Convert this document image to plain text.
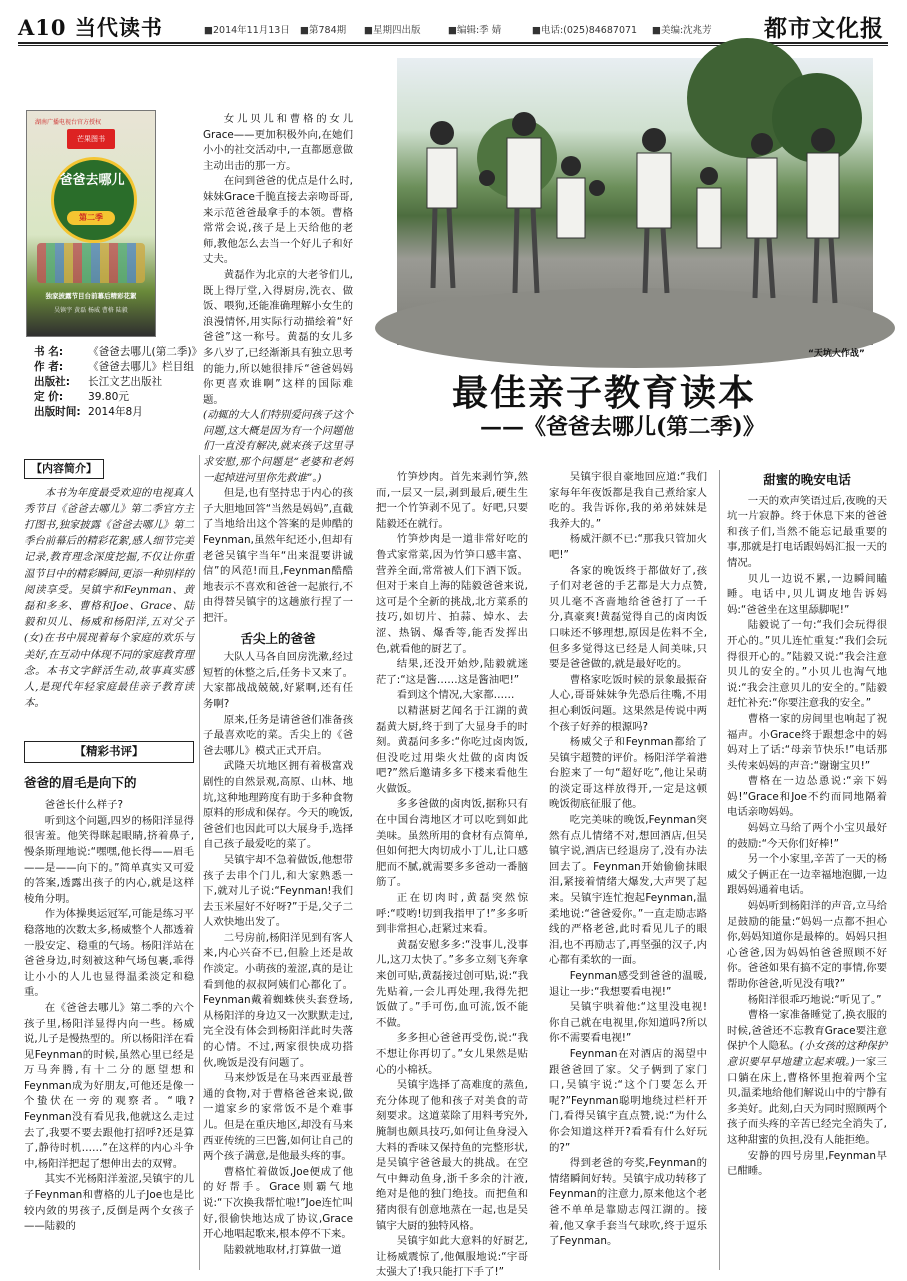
A10 当代读书	■2014年11月13日 ■第784期 ■星期四出版	■编辑:季 婧	■电话:(025)84687071 ■美编:沈兆芳 都市文化报
湖南广播电视台官方授权
芒果图书
爸爸去哪儿
第二季
独家披露节目台前幕后精彩花絮
吴镇宇 黄磊 杨威 曹格 陆毅
书 名: 《爸爸去哪儿(第二季)》
作 者: 《爸爸去哪儿》栏目组
出版社: 长江文艺出版社
定 价: 39.80元
出版时间: 2014年8月
【内容简介】

本书为年度最受欢迎的电视真人秀节目《爸爸去哪儿》第二季官方主打图书,独家披露《爸爸去哪儿》第二季台前幕后的精彩花絮,感人细节完美记录,教育理念深度挖掘,不仅让你重温节目中的精彩瞬间,更添一种别样的阅读享受。吴镇宇和Feynman、黄磊和多多、曹格和Joe、Grace、陆毅和贝儿、杨威和杨阳洋,五对父子(女)在书中展现着每个家庭的欢乐与美好,在互动中体现不同的家庭教育理念。本书文字鲜活生动,故事真实感人,是现代年轻家庭最佳亲子教育读本。

【精彩书评】
爸爸的眉毛是向下的

爸爸长什么样子?

听到这个问题,四岁的杨阳洋显得很害羞。他笑得眯起眼睛,挤着鼻子,慢条斯理地说:“嘿嘿,他长得——眉毛——是——向下的。”简单真实又可爱的答案,透露出孩子的内心,就是这样棱角分明。

作为体操奥运冠军,可能是练习平稳落地的次数太多,杨威整个人都透着一股安定、稳重的气场。杨阳洋站在爸爸身边,时刻被这种气场包裹,乖得让小小的人儿也显得温柔淡定和稳重。

在《爸爸去哪儿》第二季的六个孩子里,杨阳洋显得内向一些。杨威说,儿子是慢热型的。所以杨阳洋在看见Feynman的时候,虽然心里已经是万马奔腾,有十二分的愿望想和Feynman成为好朋友,可他还是像一个蛰伏在一旁的观察者。“哦?Feynman没有看见我,他就这么走过去了,我要不要去跟他打招呼?还是算了,静待时机……”在这样的内心斗争中,杨阳洋把起了想伸出去的双臂。

其实不光杨阳洋羞涩,吴镇宇的儿子Feynman和曹格的儿子Joe也是比较内敛的男孩子,反倒是两个女孩子——陆毅的

女儿贝儿和曹格的女儿Grace——更加积极外向,在她们小小的社交活动中,一直都愿意做主动出击的那一方。

在问到爸爸的优点是什么时,妹妹Grace千脆直接去亲吻哥哥,来示范爸爸最拿手的本领。曹格常常会说,孩子是上天给他的老师,教他怎么去当一个好儿子和好丈夫。

黄磊作为北京的大老爷们儿,既上得厅堂,入得厨房,洗衣、做饭、喂狗,还能准确理解小女生的浪漫情怀,用实际行动描绘着“好爸爸”这一称号。黄磊的女儿多多八岁了,已经渐渐具有独立思考的能力,所以她很排斥“爸爸妈妈你更喜欢谁啊”这样的国际难题。

(动辄的大人们特别爱问孩子这个问题,这大概是因为有一个问题他们一直没有解决,就来孩子这里寻求安慰,那个问题是“老婆和老妈一起掉进河里你先救谁”。)

但是,也有坚持忠于内心的孩子大胆地回答“当然是妈妈”,直截了当地给出这个答案的是帅酷的Feynman,虽然年纪还小,但却有老爸吴镇宇当年“出来混要讲诚信”的风范!而且,Feynman酷酷地表示不喜欢和爸爸一起旅行,不由得替吴镇宇的这趟旅行捏了一把汗。

舌尖上的爸爸

大队人马各自回房洗漱,经过短暂的休整之后,任务卡又来了。大家都战战兢兢,好紧啊,还有任务啊?

原来,任务是请爸爸们准备孩子最喜欢吃的菜。舌尖上的《爸爸去哪儿》模式正式开启。

武隆天坑地区拥有着极富戏剧性的自然景观,高原、山林、地坑,这种地理跨度有助于多种食物原料的形成和保存。今天的晚饭,爸爸们也因此可以大展身手,选择自己孩子最爱吃的菜了。

吴镇宇却不急着做饭,他想带孩子去串个门儿,和大家熟悉一下,就对儿子说:“Feynman!我们去玉米屋好不好呀?”于是,父子二人欢快地出发了。

二号房前,杨阳洋见到有客人来,内心兴奋不已,但脸上还是故作淡定。小萌孩的羞涩,真的是让看到他的叔叔阿姨们心都化了。Feynman戴着蜘蛛侠头套登场,从杨阳洋的身边又一次默默走过,完全没有体会到杨阳洋此时失落的心情。不过,两家很快成功搭伙,晚饭是没有问题了。

马来炒饭是在马来西亚最普通的食物,对于曹格爸爸来说,做一道家乡的家常饭不是个难事儿。但是在重庆地区,却没有马来西亚传统的三巴酱,如何让自己的两个孩子满意,是他最头疼的事。

曹格忙着做饭,Joe便成了他的好帮手。Grace则霸气地说:“下次换我帮忙啦!”Joe连忙叫好,很偷快地达成了协议,Grace开心地唱起歌来,根本停不下来。

陆毅就地取材,打算做一道

“天坑大作战”
最佳亲子教育读本
——《爸爸去哪儿(第二季)》

竹笋炒肉。首先来剥竹笋,然而,一层又一层,剥到最后,硬生生把一个竹笋剥不见了。好吧,只要陆毅还在就行。

竹笋炒肉是一道非常好吃的鲁式家常菜,因为竹笋口感丰富、营养全面,常常被人们下酒下饭。但对于来自上海的陆毅爸爸来说,这可是个全新的挑战,北方菜系的技巧,如切片、拍蒜、焯水、去涩、热锅、爆香等,能否发挥出色,就看他的厨艺了。

结果,还没开始炒,陆毅就迷茫了:“这是酱……这是酱油吧!”

看到这个情况,大家都……

以精湛厨艺闻名于江湖的黄磊黄大厨,终于到了大显身手的时刻。黄磊问多多:“你吃过卤肉饭,但没吃过用柴火灶做的卤肉饭吧?”然后邀请多多下楼来看他生火做饭。

多多爸做的卤肉饭,据称只有在中国台湾地区才可以吃到如此美味。虽然所用的食材有点简单,但如何把大肉切成小丁儿,让口感肥而不腻,就需要多多爸动一番脑筋了。

正在切肉时,黄磊突然惊呼:“哎哟!切到我指甲了!”多多听到非常担心,赶紧过来看。

黄磊安慰多多:“没事儿,没事儿,这刀太快了。”多多立刻飞奔拿来创可贴,黄磊接过创可贴,说:“我先贴着,一会儿再处理,我得先把饭做了。”手可伤,血可流,饭不能不做。

多多担心爸爸再受伤,说:“我不想让你再切了。”女儿果然是贴心的小棉袄。

吴镇宇选择了高难度的蒸鱼,充分体现了他和孩子对美食的苛刻要求。这道菜除了用料考究外,腌制也颇具技巧,如何让鱼身浸入大料的香味又保持鱼的完整形状,是吴镇宇爸爸最大的挑战。在空气中舞动鱼身,浙千多余的汁液,绝对是他的独门绝技。而把鱼和猪肉很有创意地蒸在一起,也是吴镇宇大厨的独特风格。

吴镇宇如此大意料的好厨艺,让杨威震惊了,他佩服地说:“宇哥太强大了!我只能打下手了!”

吴镇宇很自豪地回应道:“我们家每年年夜饭都是我自己煮给家人吃的。我告诉你,我的弟弟妹妹是我养大的。”

杨威汗颜不已:“那我只管加火吧!”

各家的晚饭终于都做好了,孩子们对老爸的手艺都是大力点赞,贝儿毫不吝啬地给爸爸打了一千分,真豪爽!黄磊觉得自己的卤肉饭口味还不够理想,原因是佐料不全,但多多觉得这已经是人间美味,只要是爸爸做的,就是最好吃的。

曹格家吃饭时候的景象最振奋人心,哥哥妹妹争先恐后往嘴,不用担心剩饭问题。这果然是传说中两个孩子好养的根源吗?

杨威父子和Feynman都给了吴镇宇超赞的评价。杨阳洋学着港台腔来了一句“超好吃”,他让呆萌的淡定哥这样放得开,一定是这顿晚饭彻底征服了他。

吃完美味的晚饭,Feynman突然有点儿情绪不对,想回酒店,但吴镇宇说,酒店已经退房了,没有办法回去了。Feynman开始偷偷抹眼泪,紧接着情绪大爆发,大声哭了起来。吴镇宇连忙抱起Feynman,温柔地说:“爸爸爱你。”一直走励志路线的严格老爸,此时看见儿子的眼泪,也不再励志了,再坚强的汉子,内心都有柔软的一面。

Feynman感受到爸爸的温暖,退让一步:“我想要看电视!”

吴镇宇哄着他:“这里没电视!你自己就在电视里,你知道吗?所以你不需要看电视!”

Feynman在对酒店的渴望中跟爸爸回了家。父子俩到了家门口,吴镇宇说:“这个门要怎么开呢?”Feynman聪明地绕过栏杆开门,看得吴镇宇直点赞,说:“为什么你会知道这样开?看看有什么好玩的?”

得到老爸的夸奖,Feynman的情绪瞬间好转。吴镇宇成功转移了Feynman的注意力,原来他这个老爸不单单是靠励志闯江湖的。接着,他又拿手套当气球吹,终于逗乐了Feynman。

甜蜜的晚安电话

一天的欢声笑语过后,夜晚的天坑一片寂静。终于休息下来的爸爸和孩子们,当然不能忘记最重要的事,那就是打电话跟妈妈汇报一天的情况。

贝儿一边说不累,一边瞬间瞌睡。电话中,贝儿调皮地告诉妈妈:“爸爸坐在这里舔脚呢!”

陆毅说了一句:“我们会玩得很开心的。”贝儿连忙重复:“我们会玩得很开心的。”陆毅又说:“我会注意贝儿的安全的。”小贝儿也淘气地说:“我会注意贝儿的安全的。”陆毅赶忙补充:“你要注意我的安全。”

曹格一家的房间里也响起了祝福声。小Grace终于跟想念中的妈妈对上了话:“母亲节快乐!”电话那头传来妈妈的声音:“谢谢宝贝!”

曹格在一边怂恿说:“亲下妈妈!”Grace和Joe不约而同地隔着电话亲吻妈妈。

妈妈立马给了两个小宝贝最好的鼓励:“今天你们好棒!”

另一个小家里,辛苦了一天的杨威父子俩正在一边幸福地泡脚,一边跟妈妈通着电话。

妈妈听到杨阳洋的声音,立马给足鼓励的能量:“妈妈一点都不担心你,妈妈知道你是最棒的。妈妈只担心爸爸,因为妈妈怕爸爸照顾不好你。爸爸如果有搞不定的事情,你要帮助你爸爸,听见没有哦?”

杨阳洋很乖巧地说:“听见了。”

曹格一家准备睡觉了,换衣服的时候,爸爸还不忘教育Grace要注意保护个人隐私。(小女孩的这种保护意识要早早地建立起来哦。)一家三口躺在床上,曹格怀里抱着两个宝贝,温柔地给他们解说山中的宁静有多美好。此刻,白天为同时照顾两个孩子而头疼的辛苦已经完全消失了,这种甜蜜的负担,没有人能拒绝。

安静的四号房里,Feynman早已酣睡。
